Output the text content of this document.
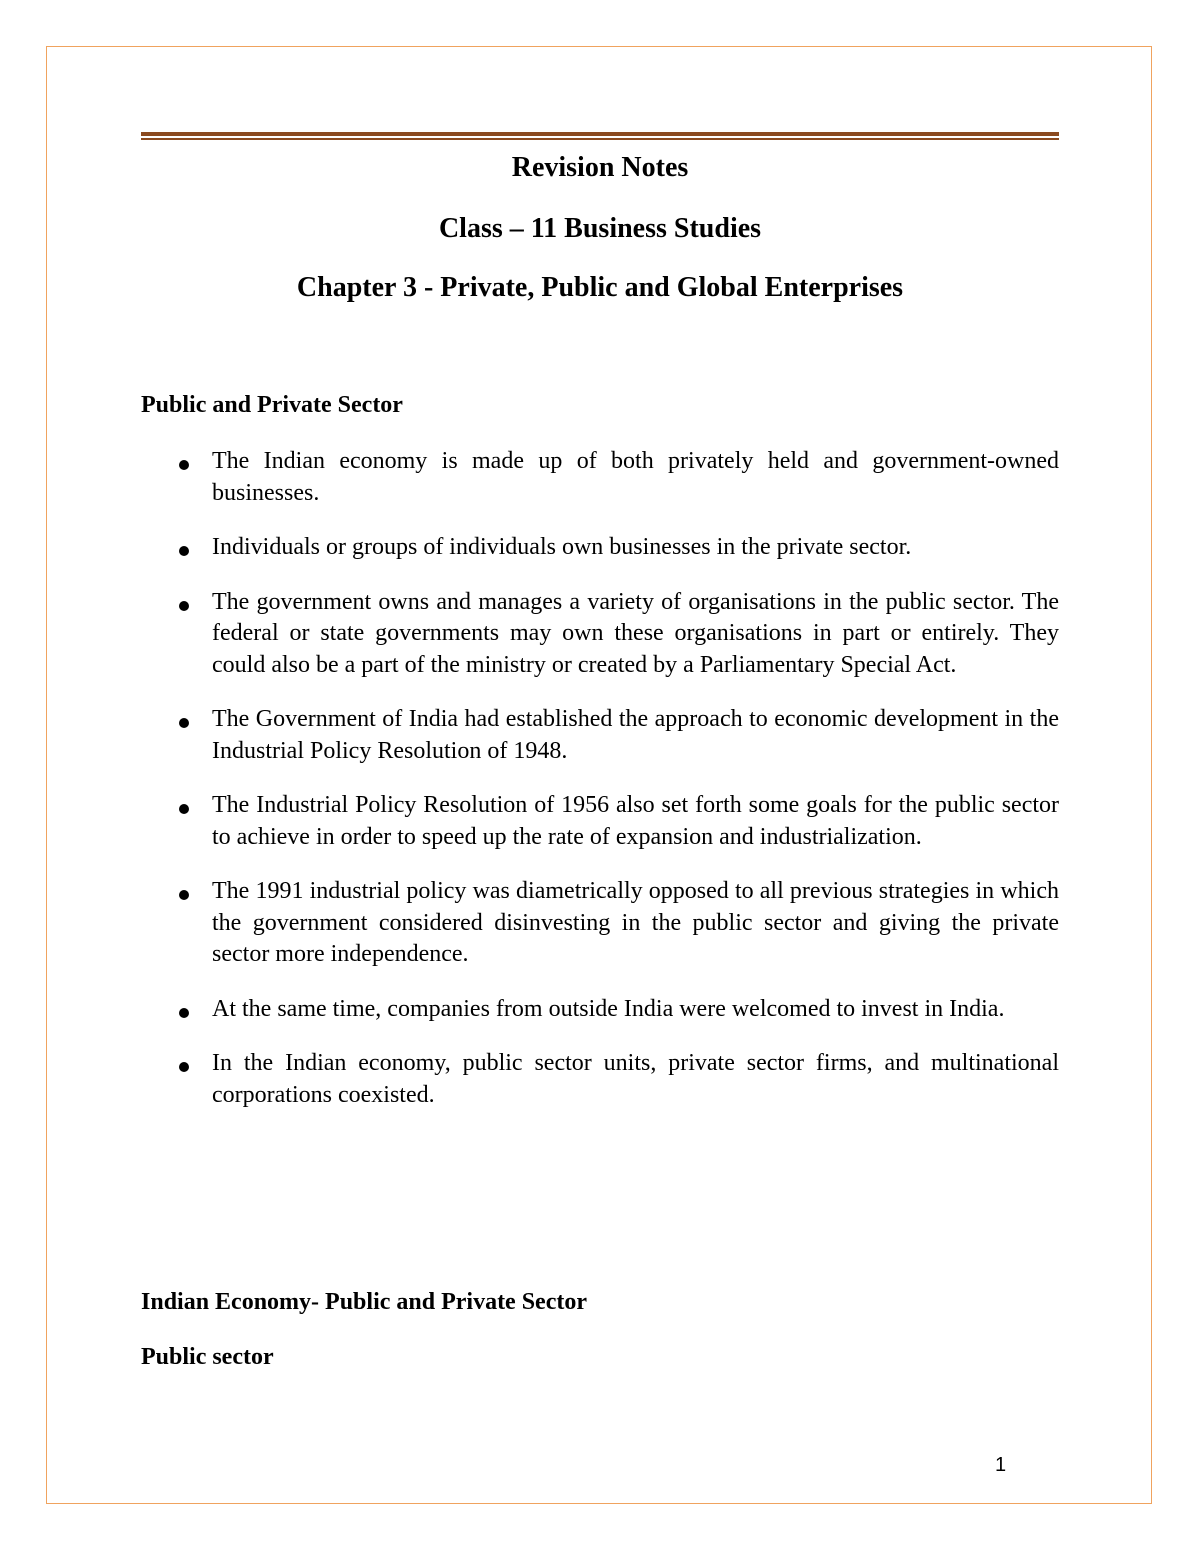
Revision Notes
Class – 11 Business Studies
Chapter 3 - Private, Public and Global Enterprises
Public and Private Sector
The Indian economy is made up of both privately held and government-owned businesses.
Individuals or groups of individuals own businesses in the private sector.
The government owns and manages a variety of organisations in the public sector. The federal or state governments may own these organisations in part or entirely. They could also be a part of the ministry or created by a Parliamentary Special Act.
The Government of India had established the approach to economic development in the Industrial Policy Resolution of 1948.
The Industrial Policy Resolution of 1956 also set forth some goals for the public sector to achieve in order to speed up the rate of expansion and industrialization.
The 1991 industrial policy was diametrically opposed to all previous strategies in which the government considered disinvesting in the public sector and giving the private sector more independence.
At the same time, companies from outside India were welcomed to invest in India.
In the Indian economy, public sector units, private sector firms, and multinational corporations coexisted.
Indian Economy- Public and Private Sector
Public sector
1
